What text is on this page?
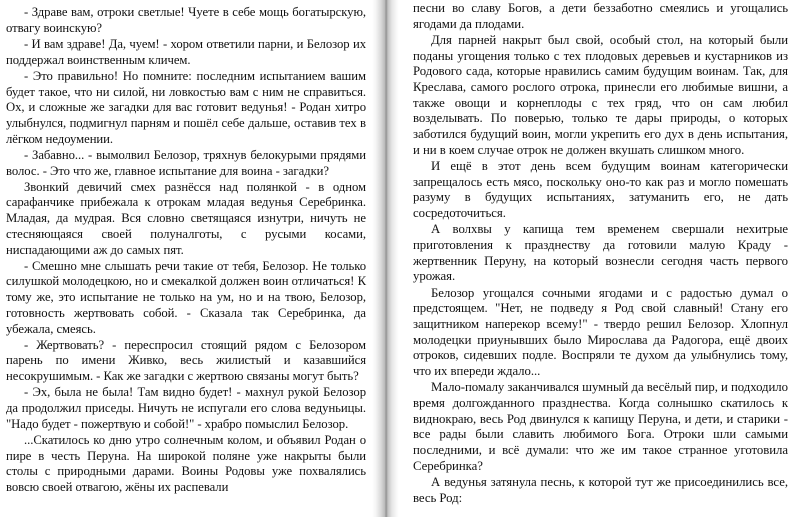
- Здраве вам, отроки светлые! Чуете в себе мощь богатырскую, отвагу воинскую?

- И вам здраве! Да, чуем! - хором ответили парни, и Белозор их поддержал воинственным кличем.

- Это правильно! Но помните: последним испытанием вашим будет такое, что ни силой, ни ловкостью вам с ним не справиться. Ох, и сложные же загадки для вас готовит ведунья! - Родан хитро улыбнулся, подмигнул парням и пошёл себе дальше, оставив тех в лёгком недоумении.

- Забавно... - вымолвил Белозор, тряхнув белокурыми прядями волос. - Это что же, главное испытание для воина - загадки?

Звонкий девичий смех разнёсся над полянкой - в одном сарафанчике прибежала к отрокам младая ведунья Серебринка. Младая, да мудрая. Вся словно светящаяся изнутри, ничуть не стесняющаяся своей полуналготы, с русыми косами, ниспадающими аж до самых пят.

- Смешно мне слышать речи такие от тебя, Белозор. Не только силушкой молодецкою, но и смекалкой должен воин отличаться! К тому же, это испытание не только на ум, но и на твою, Белозор, готовность жертвовать собой. - Сказала так Серебринка, да убежала, смеясь.

- Жертвовать? - переспросил стоящий рядом с Белозором парень по имени Живко, весь жилистый и казавшийся несокрушимым. - Как же загадки с жертвою связаны могут быть?

- Эх, была не была! Там видно будет! - махнул рукой Белозор да продолжил приседы. Ничуть не испугали его слова ведуньицы. "Надо будет - пожертвую и собой!" - храбро помыслил Белозор.

...Скатилось ко дню утро солнечным колом, и объявил Родан о пире в честь Перуна. На широкой поляне уже накрыты были столы с природными дарами. Воины Родовы уже похвалялись вовсю своей отвагою, жёны их распевали

песни во славу Богов, а дети беззаботно смеялись и угощались ягодами да плодами.

Для парней накрыт был свой, особый стол, на который были поданы угощения только с тех плодовых деревьев и кустарников из Родового сада, которые нравились самим будущим воинам. Так, для Креслава, самого рослого отрока, принесли его любимые вишни, а также овощи и корнеплоды с тех гряд, что он сам любил возделывать. По поверью, только те дары природы, о которых заботился будущий воин, могли укрепить его дух в день испытания, и ни в коем случае отрок не должен вкушать слишком много.

И ещё в этот день всем будущим воинам категорически запрещалось есть мясо, поскольку оно-то как раз и могло помешать разуму в будущих испытаниях, затуманить его, не дать сосредоточиться.

А волхвы у капища тем временем свершали нехитрые приготовления к празднеству да готовили малую Краду - жертвенник Перуну, на который вознесли сегодня часть первого урожая.

Белозор угощался сочными ягодами и с радостью думал о предстоящем. "Нет, не подведу я Род свой славный! Стану его защитником наперекор всему!" - твердо решил Белозор. Хлопнул молодецки приунывших было Мирослава да Радогора, ещё двоих отроков, сидевших подле. Воспряли те духом да улыбнулись тому, что их впереди ждало...

Мало-помалу заканчивался шумный да весёлый пир, и подходило время долгожданного празднества. Когда солнышко скатилось к виднокраю, весь Род двинулся к капищу Перуна, и дети, и старики - все рады были славить любимого Бога. Отроки шли самыми последними, и всё думали: что же им такое странное уготовила Серебринка?

А ведунья затянула песнь, к которой тут же присоединились все, весь Род:
